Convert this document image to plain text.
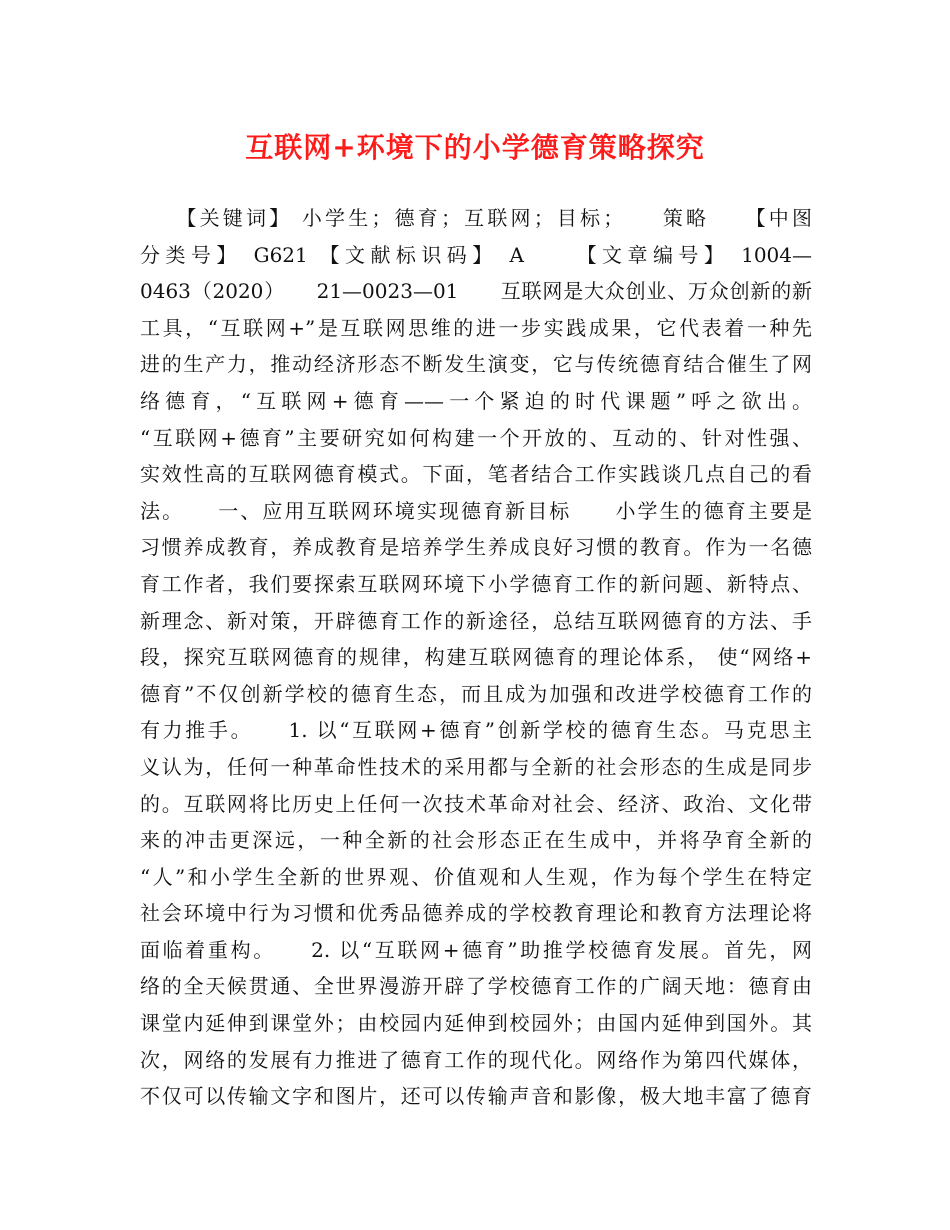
互联网+环境下的小学德育策略探究
　　【关键词】 小学生；德育；互联网；目标；　　策略　　【中图
分类号】 G621 【文献标识码】 A 　　【文章编号】 1004—
0463（2020）　　21—0023—01　　互联网是大众创业、万众创新的新
工具，“互联网+”是互联网思维的进一步实践成果，它代表着一种先
进的生产力，推动经济形态不断发生演变，它与传统德育结合催生了网
络德育，“互联网+德育——一个紧迫的时代课题”呼之欲出。
“互联网+德育”主要研究如何构建一个开放的、互动的、针对性强、
实效性高的互联网德育模式。下面，笔者结合工作实践谈几点自己的看
法。　　一、应用互联网环境实现德育新目标　　小学生的德育主要是
习惯养成教育，养成教育是培养学生养成良好习惯的教育。作为一名德
育工作者，我们要探索互联网环境下小学德育工作的新问题、新特点、
新理念、新对策，开辟德育工作的新途径，总结互联网德育的方法、手
段，探究互联网德育的规律，构建互联网德育的理论体系， 使“网络+
德育”不仅创新学校的德育生态，而且成为加强和改进学校德育工作的
有力推手。　　1. 以“互联网+德育”创新学校的德育生态。马克思主
义认为，任何一种革命性技术的采用都与全新的社会形态的生成是同步
的。互联网将比历史上任何一次技术革命对社会、经济、政治、文化带
来的冲击更深远，一种全新的社会形态正在生成中，并将孕育全新的
“人”和小学生全新的世界观、价值观和人生观，作为每个学生在特定
社会环境中行为习惯和优秀品德养成的学校教育理论和教育方法理论将
面临着重构。　　2. 以“互联网+德育”助推学校德育发展。首先，网
络的全天候贯通、全世界漫游开辟了学校德育工作的广阔天地：德育由
课堂内延伸到课堂外；由校园内延伸到校园外；由国内延伸到国外。其
次，网络的发展有力推进了德育工作的现代化。网络作为第四代媒体，
不仅可以传输文字和图片，还可以传输声音和影像，极大地丰富了德育
